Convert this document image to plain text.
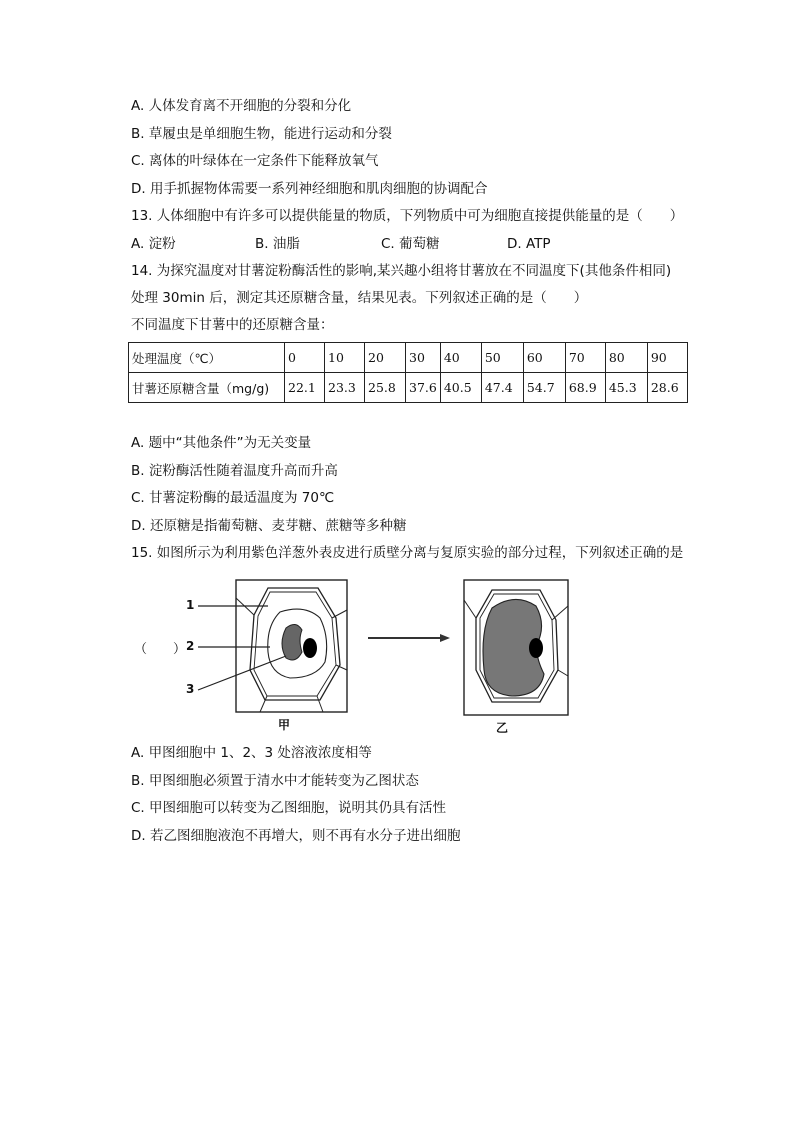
A. 人体发育离不开细胞的分裂和分化
B. 草履虫是单细胞生物，能进行运动和分裂
C. 离体的叶绿体在一定条件下能释放氧气
D. 用手抓握物体需要一系列神经细胞和肌肉细胞的协调配合
13. 人体细胞中有许多可以提供能量的物质，下列物质中可为细胞直接提供能量的是（　　）
A. 淀粉	B. 油脂	C. 葡萄糖	D. ATP
14. 为探究温度对甘薯淀粉酶活性的影响,某兴趣小组将甘薯放在不同温度下(其他条件相同)
处理 30min 后，测定其还原糖含量，结果见表。下列叙述正确的是（　　）
不同温度下甘薯中的还原糖含量：
处理温度（℃）	0	10	20	30	40	50	60	70	80	90
甘薯还原糖含量（mg/g)	22.1	23.3	25.8	37.6	40.5	47.4	54.7	68.9	45.3	28.6
A. 题中“其他条件”为无关变量
B. 淀粉酶活性随着温度升高而升高
C. 甘薯淀粉酶的最适温度为 70℃
D. 还原糖是指葡萄糖、麦芽糖、蔗糖等多种糖
15. 如图所示为利用紫色洋葱外表皮进行质壁分离与复原实验的部分过程，下列叙述正确的是
1
2
3
（　　）
甲	乙
A. 甲图细胞中 1、2、3 处溶液浓度相等
B. 甲图细胞必须置于清水中才能转变为乙图状态
C. 甲图细胞可以转变为乙图细胞，说明其仍具有活性
D. 若乙图细胞液泡不再增大，则不再有水分子进出细胞
